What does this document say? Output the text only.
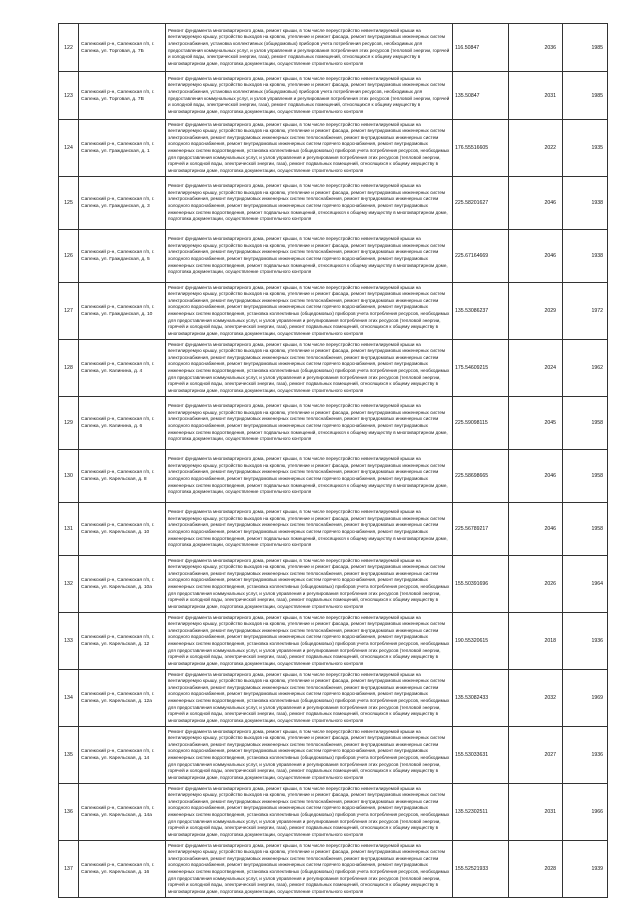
122	Сапежский р-н, Сапежская г/п, г. Сапежа, ул. Торговая, д. 7Б	Ремонт фундамента многоквартирного дома, ремонт крыши, в том числе переустройство невентилируемой крыши на вентилируемую крышу, устройство выходов на кровлю, утепление и ремонт фасада, ремонт внутридомовых инженерных систем электроснабжения, установка коллективных (общедомовых) приборов учета потребления ресурсов, необходимых для предоставления коммунальных услуг, и узлов управления и регулирования потребления этих ресурсов (тепловой энергии, горячей и холодной воды, электрической энергии, газа), ремонт подвальных помещений, относящихся к общему имуществу в многоквартирном доме, подготовка документации, осуществление строительного контроля	116.50847	2036	1985
123	Сапежский р-н, Сапежская г/п, г. Сапежа, ул. Торговая, д. 7В	Ремонт фундамента многоквартирного дома, ремонт крыши, в том числе переустройство невентилируемой крыши на вентилируемую крышу, устройство выходов на кровлю, утепление и ремонт фасада, ремонт внутридомовых инженерных систем электроснабжения, установка коллективных (общедомовых) приборов учета потребления ресурсов, необходимых для предоставления коммунальных услуг, и узлов управления и регулирования потребления этих ресурсов (тепловой энергии, горячей и холодной воды, электрической энергии, газа), ремонт подвальных помещений, относящихся к общему имуществу в многоквартирном доме, подготовка документации, осуществление строительного контроля	135.50847	2031	1985
124	Сапежский р-н, Сапежская г/п, г. Сапежа, ул. Гражданская, д. 1	Ремонт фундамента многоквартирного дома, ремонт крыши, в том числе переустройство невентилируемой крыши на вентилируемую крышу, устройство выходов на кровлю, утепление и ремонт фасада, ремонт внутридомовых инженерных систем электроснабжения, ремонт внутридомовых инженерных систем теплоснабжения, ремонт внутридомовых инженерных систем холодного водоснабжения, ремонт внутридомовых инженерных систем горячего водоснабжения, ремонт внутридомовых инженерных систем водоотведения, установка коллективных (общедомовых) приборов учета потребления ресурсов, необходимых для предоставления коммунальных услуг, и узлов управления и регулирования потребления этих ресурсов (тепловой энергии, горячей и холодной воды, электрической энергии, газа), ремонт подвальных помещений, относящихся к общему имуществу в многоквартирном доме, подготовка документации, осуществление строительного контроля	176.55516605	2022	1935
125	Сапежский р-н, Сапежская г/п, г. Сапежа, ул. Гражданская, д. 3	Ремонт фундамента многоквартирного дома, ремонт крыши, в том числе переустройство невентилируемой крыши на вентилируемую крышу, устройство выходов на кровлю, утепление и ремонт фасада, ремонт внутридомовых инженерных систем электроснабжения, ремонт внутридомовых инженерных систем теплоснабжения, ремонт внутридомовых инженерных систем холодного водоснабжения, ремонт внутридомовых инженерных систем горячего водоснабжения, ремонт внутридомовых инженерных систем водоотведения, ремонт подвальных помещений, относящихся к общему имуществу в многоквартирном доме, подготовка документации, осуществление строительного контроля	225.58201627	2046	1938
126	Сапежский р-н, Сапежская г/п, г. Сапежа, ул. Гражданская, д. 5	Ремонт фундамента многоквартирного дома, ремонт крыши, в том числе переустройство невентилируемой крыши на вентилируемую крышу, устройство выходов на кровлю, утепление и ремонт фасада, ремонт внутридомовых инженерных систем электроснабжения, ремонт внутридомовых инженерных систем теплоснабжения, ремонт внутридомовых инженерных систем холодного водоснабжения, ремонт внутридомовых инженерных систем горячего водоснабжения, ремонт внутридомовых инженерных систем водоотведения, ремонт подвальных помещений, относящихся к общему имуществу в многоквартирном доме, подготовка документации, осуществление строительного контроля	225.67164669	2046	1938
127	Сапежский р-н, Сапежская г/п, г. Сапежа, ул. Гражданская, д. 10	Ремонт фундамента многоквартирного дома, ремонт крыши, в том числе переустройство невентилируемой крыши на вентилируемую крышу, устройство выходов на кровлю, утепление и ремонт фасада, ремонт внутридомовых инженерных систем электроснабжения, ремонт внутридомовых инженерных систем теплоснабжения, ремонт внутридомовых инженерных систем холодного водоснабжения, ремонт внутридомовых инженерных систем горячего водоснабжения, ремонт внутридомовых инженерных систем водоотведения, установка коллективных (общедомовых) приборов учета потребления ресурсов, необходимых для предоставления коммунальных услуг, и узлов управления и регулирования потребления этих ресурсов (тепловой энергии, горячей и холодной воды, электрической энергии, газа), ремонт подвальных помещений, относящихся к общему имуществу в многоквартирном доме, подготовка документации, осуществление строительного контроля	135.53086237	2029	1972
128	Сапежский р-н, Сапежская г/п, г. Сапежа, ул. Калинина, д. 4	Ремонт фундамента многоквартирного дома, ремонт крыши, в том числе переустройство невентилируемой крыши на вентилируемую крышу, устройство выходов на кровлю, утепление и ремонт фасада, ремонт внутридомовых инженерных систем электроснабжения, ремонт внутридомовых инженерных систем теплоснабжения, ремонт внутридомовых инженерных систем холодного водоснабжения, ремонт внутридомовых инженерных систем горячего водоснабжения, ремонт внутридомовых инженерных систем водоотведения, установка коллективных (общедомовых) приборов учета потребления ресурсов, необходимых для предоставления коммунальных услуг, и узлов управления и регулирования потребления этих ресурсов (тепловой энергии, горячей и холодной воды, электрической энергии, газа), ремонт подвальных помещений, относящихся к общему имуществу в многоквартирном доме, подготовка документации, осуществление строительного контроля	175.54609215	2024	1962
129	Сапежский р-н, Сапежская г/п, г. Сапежа, ул. Калинина, д. 6	Ремонт фундамента многоквартирного дома, ремонт крыши, в том числе переустройство невентилируемой крыши на вентилируемую крышу, устройство выходов на кровлю, утепление и ремонт фасада, ремонт внутридомовых инженерных систем электроснабжения, ремонт внутридомовых инженерных систем теплоснабжения, ремонт внутридомовых инженерных систем холодного водоснабжения, ремонт внутридомовых инженерных систем горячего водоснабжения, ремонт внутридомовых инженерных систем водоотведения, ремонт подвальных помещений, относящихся к общему имуществу в многоквартирном доме, подготовка документации, осуществление строительного контроля	225.59098115	2045	1958
130	Сапежский р-н, Сапежская г/п, г. Сапежа, ул. Карельская, д. 8	Ремонт фундамента многоквартирного дома, ремонт крыши, в том числе переустройство невентилируемой крыши на вентилируемую крышу, устройство выходов на кровлю, утепление и ремонт фасада, ремонт внутридомовых инженерных систем электроснабжения, ремонт внутридомовых инженерных систем теплоснабжения, ремонт внутридомовых инженерных систем холодного водоснабжения, ремонт внутридомовых инженерных систем горячего водоснабжения, ремонт внутридомовых инженерных систем водоотведения, ремонт подвальных помещений, относящихся к общему имуществу в многоквартирном доме, подготовка документации, осуществление строительного контроля	225.58698665	2046	1958
131	Сапежский р-н, Сапежская г/п, г. Сапежа, ул. Карельская, д. 10	Ремонт фундамента многоквартирного дома, ремонт крыши, в том числе переустройство невентилируемой крыши на вентилируемую крышу, устройство выходов на кровлю, утепление и ремонт фасада, ремонт внутридомовых инженерных систем электроснабжения, ремонт внутридомовых инженерных систем теплоснабжения, ремонт внутридомовых инженерных систем холодного водоснабжения, ремонт внутридомовых инженерных систем горячего водоснабжения, ремонт внутридомовых инженерных систем водоотведения, ремонт подвальных помещений, относящихся к общему имуществу в многоквартирном доме, подготовка документации, осуществление строительного контроля	225.56789217	2046	1958
132	Сапежский р-н, Сапежская г/п, г. Сапежа, ул. Карельская, д. 10а	Ремонт фундамента многоквартирного дома, ремонт крыши, в том числе переустройство невентилируемой крыши на вентилируемую крышу, устройство выходов на кровлю, утепление и ремонт фасада, ремонт внутридомовых инженерных систем электроснабжения, ремонт внутридомовых инженерных систем теплоснабжения, ремонт внутридомовых инженерных систем холодного водоснабжения, ремонт внутридомовых инженерных систем горячего водоснабжения, ремонт внутридомовых инженерных систем водоотведения, установка коллективных (общедомовых) приборов учета потребления ресурсов, необходимых для предоставления коммунальных услуг, и узлов управления и регулирования потребления этих ресурсов (тепловой энергии, горячей и холодной воды, электрической энергии, газа), ремонт подвальных помещений, относящихся к общему имуществу в многоквартирном доме, подготовка документации, осуществление строительного контроля	155.50391696	2026	1964
133	Сапежский р-н, Сапежская г/п, г. Сапежа, ул. Карельская, д. 12	Ремонт фундамента многоквартирного дома, ремонт крыши, в том числе переустройство невентилируемой крыши на вентилируемую крышу, устройство выходов на кровлю, утепление и ремонт фасада, ремонт внутридомовых инженерных систем электроснабжения, ремонт внутридомовых инженерных систем теплоснабжения, ремонт внутридомовых инженерных систем холодного водоснабжения, ремонт внутридомовых инженерных систем горячего водоснабжения, ремонт внутридомовых инженерных систем водоотведения, установка коллективных (общедомовых) приборов учета потребления ресурсов, необходимых для предоставления коммунальных услуг, и узлов управления и регулирования потребления этих ресурсов (тепловой энергии, горячей и холодной воды, электрической энергии, газа), ремонт подвальных помещений, относящихся к общему имуществу в многоквартирном доме, подготовка документации, осуществление строительного контроля	190.55320615	2018	1936
134	Сапежский р-н, Сапежская г/п, г. Сапежа, ул. Карельская, д. 12а	Ремонт фундамента многоквартирного дома, ремонт крыши, в том числе переустройство невентилируемой крыши на вентилируемую крышу, устройство выходов на кровлю, утепление и ремонт фасада, ремонт внутридомовых инженерных систем электроснабжения, ремонт внутридомовых инженерных систем теплоснабжения, ремонт внутридомовых инженерных систем холодного водоснабжения, ремонт внутридомовых инженерных систем горячего водоснабжения, ремонт внутридомовых инженерных систем водоотведения, установка коллективных (общедомовых) приборов учета потребления ресурсов, необходимых для предоставления коммунальных услуг, и узлов управления и регулирования потребления этих ресурсов (тепловой энергии, горячей и холодной воды, электрической энергии, газа), ремонт подвальных помещений, относящихся к общему имуществу в многоквартирном доме, подготовка документации, осуществление строительного контроля	135.53082433	2032	1969
135	Сапежский р-н, Сапежская г/п, г. Сапежа, ул. Карельская, д. 14	Ремонт фундамента многоквартирного дома, ремонт крыши, в том числе переустройство невентилируемой крыши на вентилируемую крышу, устройство выходов на кровлю, утепление и ремонт фасада, ремонт внутридомовых инженерных систем электроснабжения, ремонт внутридомовых инженерных систем теплоснабжения, ремонт внутридомовых инженерных систем холодного водоснабжения, ремонт внутридомовых инженерных систем горячего водоснабжения, ремонт внутридомовых инженерных систем водоотведения, установка коллективных (общедомовых) приборов учета потребления ресурсов, необходимых для предоставления коммунальных услуг, и узлов управления и регулирования потребления этих ресурсов (тепловой энергии, горячей и холодной воды, электрической энергии, газа), ремонт подвальных помещений, относящихся к общему имуществу в многоквартирном доме, подготовка документации, осуществление строительного контроля	155.53033631	2027	1936
136	Сапежский р-н, Сапежская г/п, г. Сапежа, ул. Карельская, д. 14а	Ремонт фундамента многоквартирного дома, ремонт крыши, в том числе переустройство невентилируемой крыши на вентилируемую крышу, устройство выходов на кровлю, утепление и ремонт фасада, ремонт внутридомовых инженерных систем электроснабжения, ремонт внутридомовых инженерных систем теплоснабжения, ремонт внутридомовых инженерных систем холодного водоснабжения, ремонт внутридомовых инженерных систем горячего водоснабжения, ремонт внутридомовых инженерных систем водоотведения, установка коллективных (общедомовых) приборов учета потребления ресурсов, необходимых для предоставления коммунальных услуг, и узлов управления и регулирования потребления этих ресурсов (тепловой энергии, горячей и холодной воды, электрической энергии, газа), ремонт подвальных помещений, относящихся к общему имуществу в многоквартирном доме, подготовка документации, осуществление строительного контроля	135.52302511	2031	1966
137	Сапежский р-н, Сапежская г/п, г. Сапежа, ул. Карельская, д. 16	Ремонт фундамента многоквартирного дома, ремонт крыши, в том числе переустройство невентилируемой крыши на вентилируемую крышу, устройство выходов на кровлю, утепление и ремонт фасада, ремонт внутридомовых инженерных систем электроснабжения, ремонт внутридомовых инженерных систем теплоснабжения, ремонт внутридомовых инженерных систем холодного водоснабжения, ремонт внутридомовых инженерных систем горячего водоснабжения, ремонт внутридомовых инженерных систем водоотведения, установка коллективных (общедомовых) приборов учета потребления ресурсов, необходимых для предоставления коммунальных услуг, и узлов управления и регулирования потребления этих ресурсов (тепловой энергии, горячей и холодной воды, электрической энергии, газа), ремонт подвальных помещений, относящихся к общему имуществу в многоквартирном доме, подготовка документации, осуществление строительного контроля	155.52521933	2028	1939
